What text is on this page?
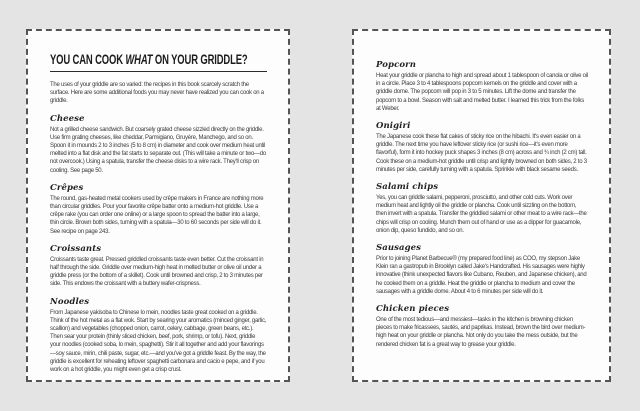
YOU CAN COOK WHAT ON YOUR GRIDDLE?

The uses of your griddle are so varied: the recipes in this book scarcely scratch the surface. Here are some additional foods you may never have realized you can cook on a griddle.

Cheese

Not a grilled cheese sandwich. But coarsely grated cheese sizzled directly on the griddle. Use firm grating cheeses, like cheddar, Parmigiano, Gruyère, Manchego, and so on. Spoon it in mounds 2 to 3 inches (5 to 8 cm) in diameter and cook over medium heat until melted into a flat disk and the fat starts to separate out. (This will take a minute or two—do not overcook.) Using a spatula, transfer the cheese disks to a wire rack. They'll crisp on cooling. See page 50.

Crêpes

The round, gas-heated metal cookers used by crêpe makers in France are nothing more than circular griddles. Pour your favorite crêpe batter onto a medium-hot griddle. Use a crêpe rake (you can order one online) or a large spoon to spread the batter into a large, thin circle. Brown both sides, turning with a spatula—30 to 60 seconds per side will do it. See recipe on page 243.

Croissants

Croissants taste great. Pressed griddled croissants taste even better. Cut the croissant in half through the side. Griddle over medium-high heat in melted butter or olive oil under a griddle press (or the bottom of a skillet). Cook until browned and crisp, 2 to 3 minutes per side. This endows the croissant with a buttery wafer-crispness.

Noodles

From Japanese yakisoba to Chinese lo mein, noodles taste great cooked on a griddle. Think of the hot metal as a flat wok. Start by searing your aromatics (minced ginger, garlic, scallion) and vegetables (chopped onion, carrot, celery, cabbage, green beans, etc.). Then sear your protein (thinly sliced chicken, beef, pork, shrimp, or tofu). Next, griddle your noodles (cooked soba, lo mein, spaghetti). Stir it all together and add your flavorings—soy sauce, mirin, chili paste, sugar, etc.—and you've got a griddle feast. By the way, the griddle is excellent for reheating leftover spaghetti carbonara and cacio e pepe, and if you work on a hot griddle, you might even get a crisp crust.

Popcorn

Heat your griddle or plancha to high and spread about 1 tablespoon of canola or olive oil in a circle. Place 3 to 4 tablespoons popcorn kernels on the griddle and cover with a griddle dome. The popcorn will pop in 3 to 5 minutes. Lift the dome and transfer the popcorn to a bowl. Season with salt and melted butter. I learned this trick from the folks at Weber.

Onigiri

The Japanese cook these flat cakes of sticky rice on the hibachi. It's even easier on a griddle. The next time you have leftover sticky rice (or sushi rice—it's even more flavorful), form it into hockey puck shapes 3 inches (8 cm) across and ¾ inch (2 cm) tall. Cook these on a medium-hot griddle until crisp and lightly browned on both sides, 2 to 3 minutes per side, carefully turning with a spatula. Sprinkle with black sesame seeds.

Salami chips

Yes, you can griddle salami, pepperoni, prosciutto, and other cold cuts. Work over medium heat and lightly oil the griddle or plancha. Cook until sizzling on the bottom, then invert with a spatula. Transfer the griddled salami or other meat to a wire rack—the chips will crisp on cooling. Munch them out of hand or use as a dipper for guacamole, onion dip, queso fundido, and so on.

Sausages

Prior to joining Planet Barbecue® (my prepared food line) as COO, my stepson Jake Klein ran a gastropub in Brooklyn called Jake's Handcrafted. His sausages were highly innovative (think unexpected flavors like Cubano, Reuben, and Japanese chicken), and he cooked them on a griddle. Heat the griddle or plancha to medium and cover the sausages with a griddle dome. About 4 to 6 minutes per side will do it.

Chicken pieces

One of the most tedious—and messiest—tasks in the kitchen is browning chicken pieces to make fricassees, sautés, and paprikas. Instead, brown the bird over medium-high heat on your griddle or plancha. Not only do you take the mess outside, but the rendered chicken fat is a great way to grease your griddle.
